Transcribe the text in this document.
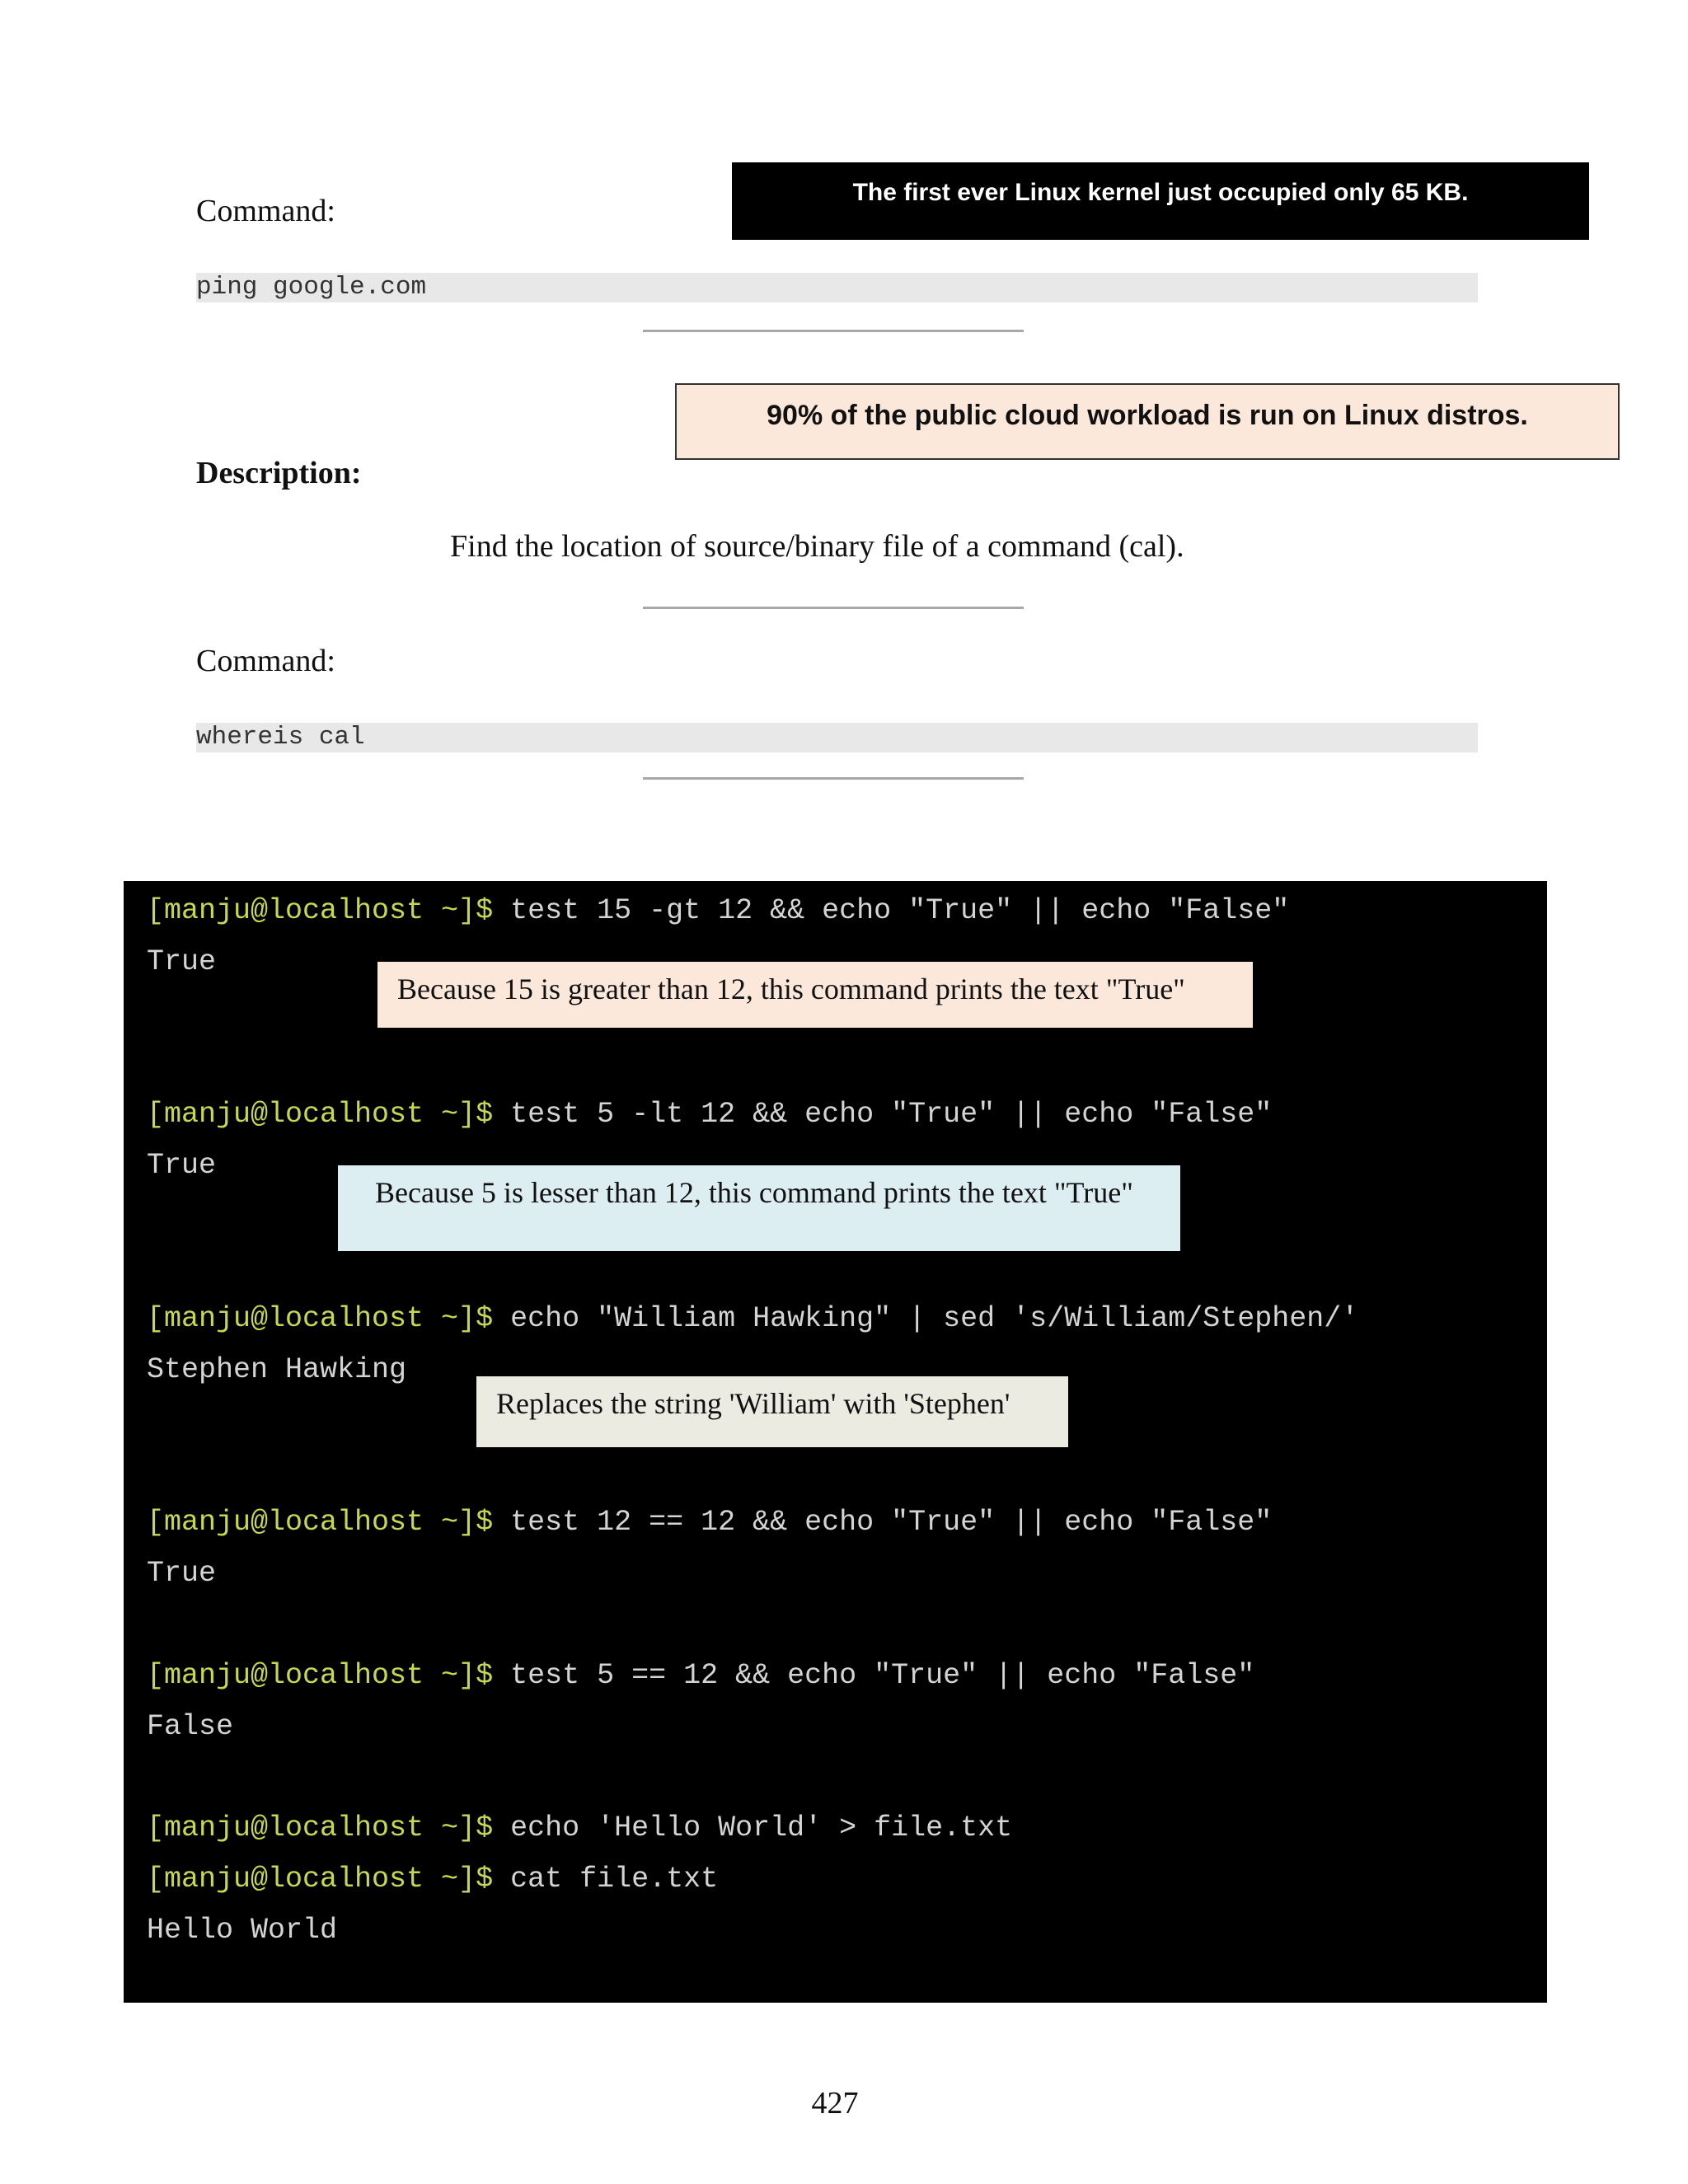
Command:
The first ever Linux kernel just occupied only 65 KB.
ping google.com
90% of the public cloud workload is run on Linux distros.
Description:
Find the location of source/binary file of a command (cal).
Command:
whereis cal
[manju@localhost ~]$ test 15 -gt 12 && echo "True" || echo "False"
True
Because 15 is greater than 12, this command prints the text "True"
[manju@localhost ~]$ test 5 -lt 12 && echo "True" || echo "False"
True
Because 5 is lesser than 12, this command prints the text "True"
[manju@localhost ~]$ echo "William Hawking" | sed 's/William/Stephen/'
Stephen Hawking
Replaces the string 'William' with 'Stephen'
[manju@localhost ~]$ test 12 == 12 && echo "True" || echo "False"
True
[manju@localhost ~]$ test 5 == 12 && echo "True" || echo "False"
False
[manju@localhost ~]$ echo 'Hello World' > file.txt
[manju@localhost ~]$ cat file.txt
Hello World
427
